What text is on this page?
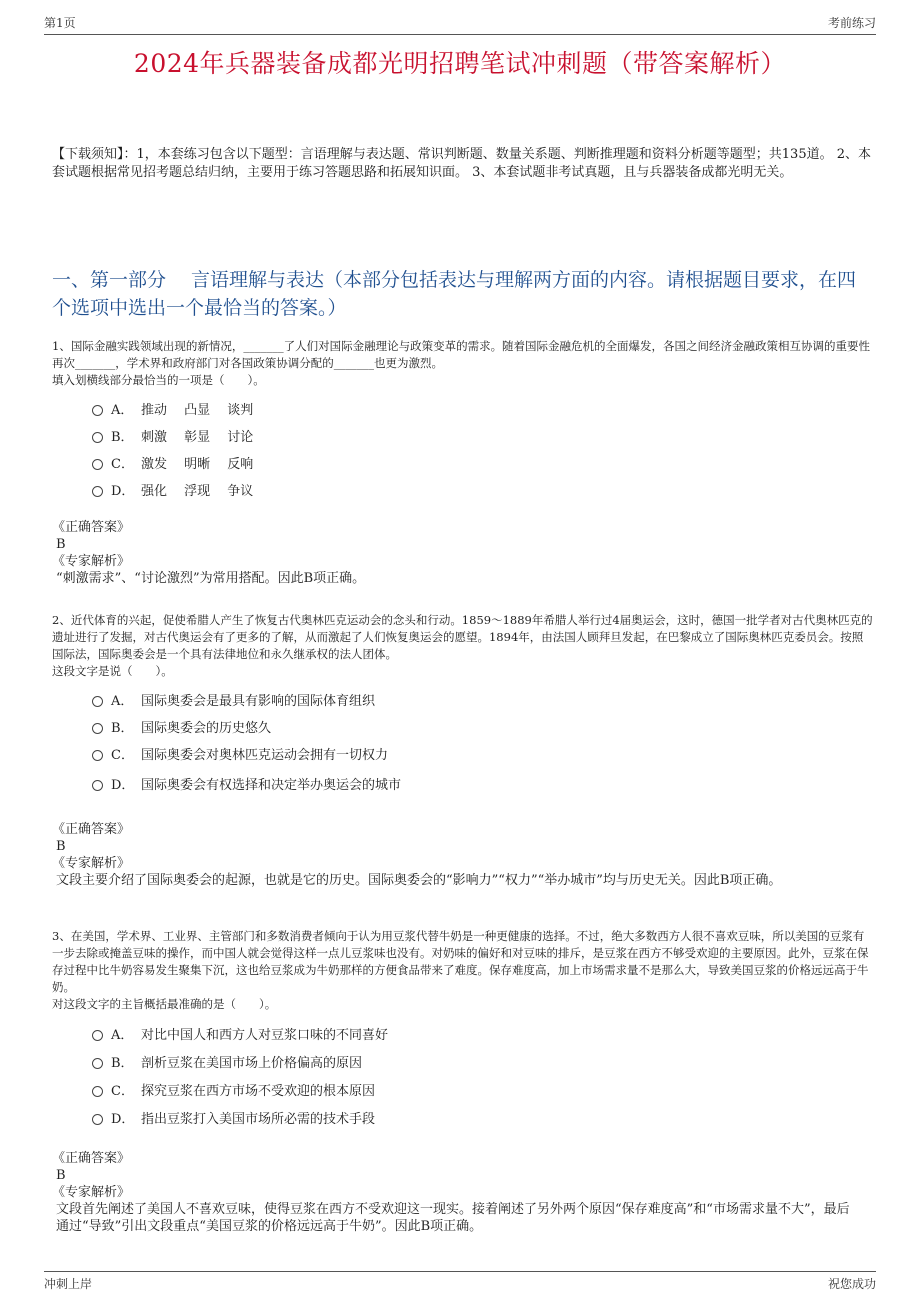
第1页	考前练习
2024年兵器装备成都光明招聘笔试冲刺题（带答案解析）
【下载须知】：1，本套练习包含以下题型：言语理解与表达题、常识判断题、数量关系题、判断推理题和资料分析题等题型；共135道。 2、本套试题根据常见招考题总结归纳，主要用于练习答题思路和拓展知识面。 3、本套试题非考试真题，且与兵器装备成都光明无关。
一、第一部分　 言语理解与表达（本部分包括表达与理解两方面的内容。请根据题目要求，在四个选项中选出一个最恰当的答案。）
1、国际金融实践领域出现的新情况，_______了人们对国际金融理论与政策变革的需求。随着国际金融危机的全面爆发，各国之间经济金融政策相互协调的重要性再次_______，学术界和政府部门对各国政策协调分配的_______也更为激烈。
填入划横线部分最恰当的一项是（　　）。
A． 推动　 凸显　 谈判
B． 刺激　 彰显　 讨论
C． 激发　 明晰　 反响
D． 强化　 浮现　 争议
《正确答案》
B
《专家解析》
“刺激需求”、“讨论激烈”为常用搭配。因此B项正确。
2、近代体育的兴起，促使希腊人产生了恢复古代奥林匹克运动会的念头和行动。1859～1889年希腊人举行过4届奥运会，这时，德国一批学者对古代奥林匹克的遗址进行了发掘，对古代奥运会有了更多的了解，从而激起了人们恢复奥运会的愿望。1894年，由法国人顾拜旦发起，在巴黎成立了国际奥林匹克委员会。按照国际法，国际奥委会是一个具有法律地位和永久继承权的法人团体。
这段文字是说（　　）。
A． 国际奥委会是最具有影响的国际体育组织
B． 国际奥委会的历史悠久
C． 国际奥委会对奥林匹克运动会拥有一切权力
D． 国际奥委会有权选择和决定举办奥运会的城市
《正确答案》
B
《专家解析》
文段主要介绍了国际奥委会的起源，也就是它的历史。国际奥委会的“影响力”“权力”“举办城市”均与历史无关。因此B项正确。
3、在美国，学术界、工业界、主管部门和多数消费者倾向于认为用豆浆代替牛奶是一种更健康的选择。不过，绝大多数西方人很不喜欢豆味，所以美国的豆浆有一步去除或掩盖豆味的操作，而中国人就会觉得这样一点儿豆浆味也没有。对奶味的偏好和对豆味的排斥，是豆浆在西方不够受欢迎的主要原因。此外，豆浆在保存过程中比牛奶容易发生聚集下沉，这也给豆浆成为牛奶那样的方便食品带来了难度。保存难度高，加上市场需求量不是那么大，导致美国豆浆的价格远远高于牛奶。
对这段文字的主旨概括最准确的是（　　）。
A． 对比中国人和西方人对豆浆口味的不同喜好
B． 剖析豆浆在美国市场上价格偏高的原因
C． 探究豆浆在西方市场不受欢迎的根本原因
D． 指出豆浆打入美国市场所必需的技术手段
《正确答案》
B
《专家解析》
文段首先阐述了美国人不喜欢豆味，使得豆浆在西方不受欢迎这一现实。接着阐述了另外两个原因“保存难度高”和“市场需求量不大”，最后通过“导致”引出文段重点“美国豆浆的价格远远高于牛奶”。因此B项正确。
冲刺上岸	祝您成功
